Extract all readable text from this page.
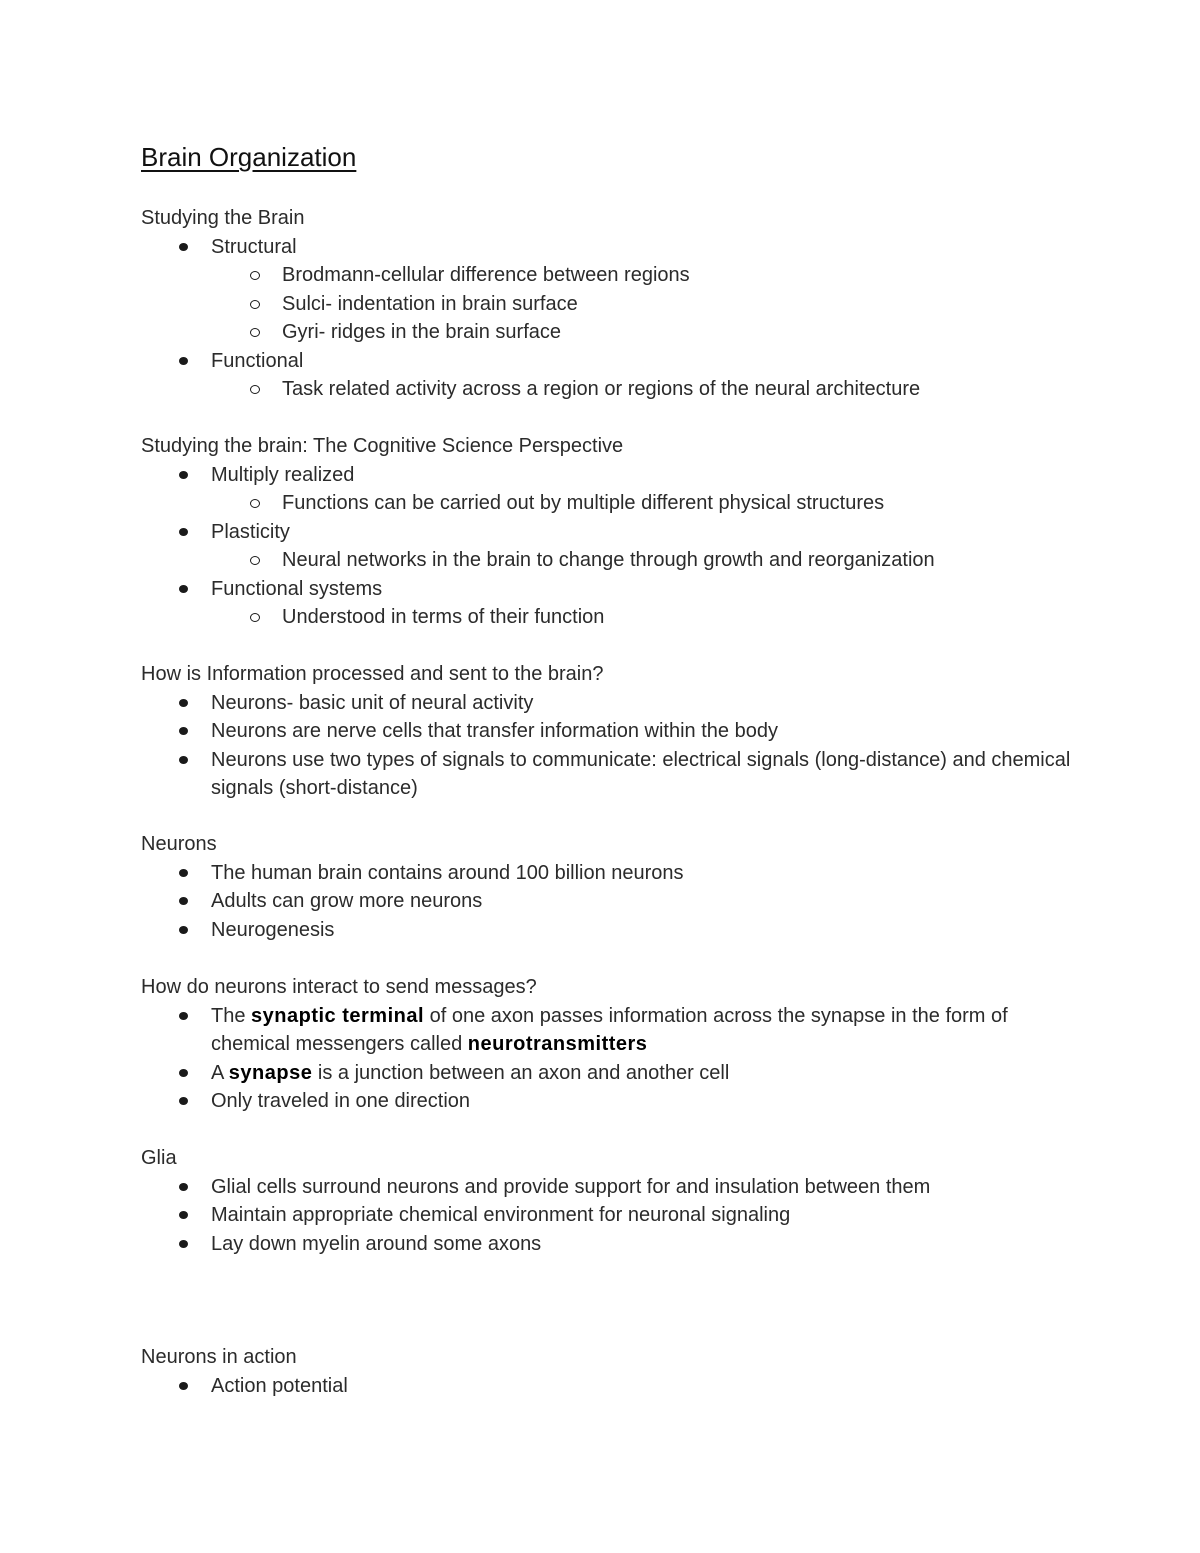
Brain Organization

Studying the Brain

Structural
Brodmann-cellular difference between regions
Sulci- indentation in brain surface
Gyri- ridges in the brain surface
Functional
Task related activity across a region or regions of the neural architecture

Studying the brain: The Cognitive Science Perspective

Multiply realized
Functions can be carried out by multiple different physical structures
Plasticity
Neural networks in the brain to change through growth and reorganization
Functional systems
Understood in terms of their function

How is Information processed and sent to the brain?

Neurons- basic unit of neural activity
Neurons are nerve cells that transfer information within the body
Neurons use two types of signals to communicate: electrical signals (long-distance) and chemical signals (short-distance)

Neurons

The human brain contains around 100 billion neurons
Adults can grow more neurons
Neurogenesis

How do neurons interact to send messages?

The synaptic terminal of one axon passes information across the synapse in the form of chemical messengers called neurotransmitters
A synapse is a junction between an axon and another cell
Only traveled in one direction

Glia

Glial cells surround neurons and provide support for and insulation between them
Maintain appropriate chemical environment for neuronal signaling
Lay down myelin around some axons

Neurons in action

Action potential
